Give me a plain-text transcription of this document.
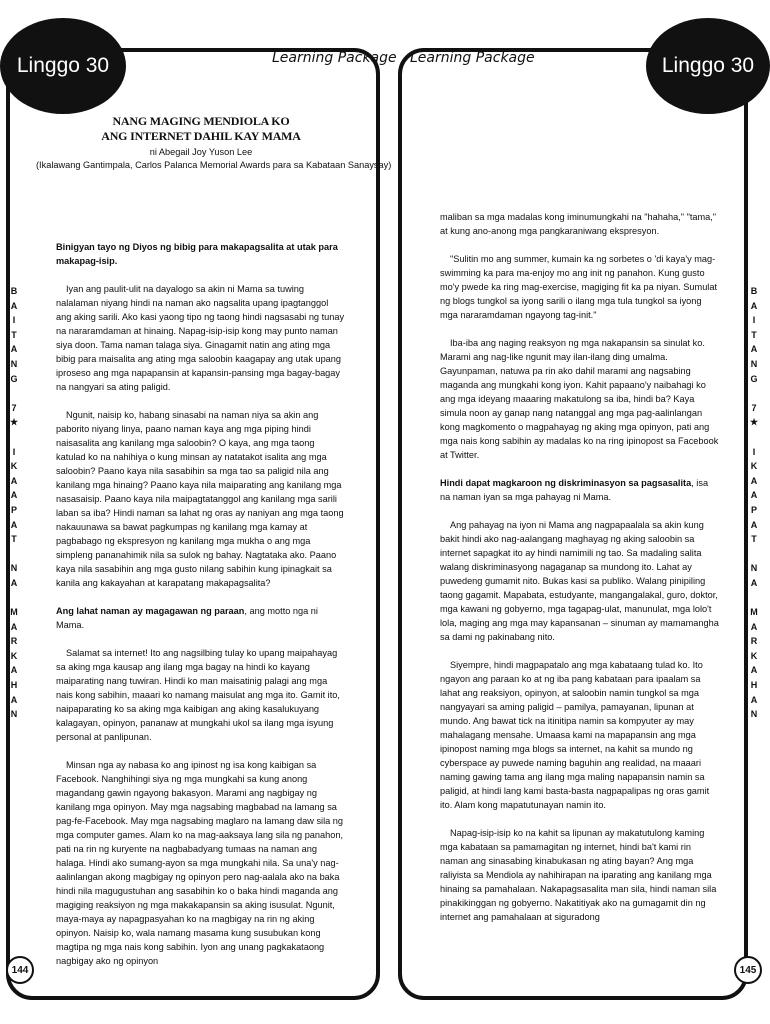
Linggo 30	Linggo 30
Learning Package Learning Package
B
A
I
T
A
N
G
7
★
I
K
A
A
P
A
T
N
A
M
A
R
K
A
H
A
N
B
A
I
T
A
N
G
7
★
I
K
A
A
P
A
T
N
A
M
A
R
K
A
H
A
N
NANG MAGING MENDIOLA KO
ANG INTERNET DAHIL KAY MAMA
ni Abegail Joy Yuson Lee
(Ikalawang Gantimpala, Carlos Palanca Memorial Awards para sa Kabataan Sanaysay)

Binigyan tayo ng Diyos ng bibig para makapagsalita at utak para makapag-isip.

Iyan ang paulit-ulit na dayalogo sa akin ni Mama sa tuwing nalalaman niyang hindi na naman ako nagsalita upang ipagtanggol ang aking sarili. Ako kasi yaong tipo ng taong hindi nagsasabi ng tunay na nararamdaman at hinaing. Napag-isip-isip kong may punto naman siya doon. Tama naman talaga siya. Ginagamit natin ang ating mga bibig para maisalita ang ating mga saloobin kaagapay ang utak upang iproseso ang mga napapansin at kapansin-pansing mga bagay-bagay na nangyari sa ating paligid.

Ngunit, naisip ko, habang sinasabi na naman niya sa akin ang paborito niyang linya, paano naman kaya ang mga piping hindi naisasalita ang kanilang mga saloobin? O kaya, ang mga taong katulad ko na nahihiya o kung minsan ay natatakot isalita ang mga saloobin? Paano kaya nila sasabihin sa mga tao sa paligid nila ang kanilang mga hinaing? Paano kaya nila maiparating ang kanilang mga nasasaisip. Paano kaya nila maipagtatanggol ang kanilang mga sarili laban sa iba? Hindi naman sa lahat ng oras ay naniyan ang mga taong nakauunawa sa bawat pagkumpas ng kanilang mga kamay at pagbabago ng ekspresyon ng kanilang mga mukha o ang mga simpleng pananahimik nila sa sulok ng bahay. Nagtataka ako. Paano kaya nila sasabihin ang mga gusto nilang sabihin kung ipinagkait sa kanila ang kakayahan at karapatang makapagsalita?

Ang lahat naman ay magagawan ng paraan, ang motto nga ni Mama.

Salamat sa internet! Ito ang nagsilbing tulay ko upang maipahayag sa aking mga kausap ang ilang mga bagay na hindi ko kayang maiparating nang tuwiran. Hindi ko man maisatinig palagi ang mga nais kong sabihin, maaari ko namang maisulat ang mga ito. Gamit ito, naipaparating ko sa aking mga kaibigan ang aking kasalukuyang kalagayan, opinyon, pananaw at mungkahi ukol sa ilang mga isyung personal at panlipunan.

Minsan nga ay nabasa ko ang ipinost ng isa kong kaibigan sa Facebook. Nanghihingi siya ng mga mungkahi sa kung anong magandang gawin ngayong bakasyon. Marami ang nagbigay ng kanilang mga opinyon. May mga nagsabing magbabad na lamang sa pag-fe-Facebook. May mga nagsabing maglaro na lamang daw sila ng mga computer games. Alam ko na mag-aaksaya lang sila ng panahon, pati na rin ng kuryente na nagbabadyang tumaas na naman ang halaga. Hindi ako sumang-ayon sa mga mungkahi nila. Sa una'y nag-aalinlangan akong magbigay ng opinyon pero nag-aalala ako na baka hindi nila magugustuhan ang sasabihin ko o baka hindi maganda ang magiging reaksiyon ng mga makakapansin sa aking isusulat. Ngunit, maya-maya ay napagpasyahan ko na magbigay na rin ng aking opinyon. Naisip ko, wala namang masama kung susubukan kong magtipa ng mga nais kong sabihin. Iyon ang unang pagkakataong nagbigay ako ng opinyon

maliban sa mga madalas kong iminumungkahi na "hahaha," "tama," at kung ano-anong mga pangkaraniwang ekspresyon.

"Sulitin mo ang summer, kumain ka ng sorbetes o 'di kaya'y mag-swimming ka para ma-enjoy mo ang init ng panahon. Kung gusto mo'y pwede ka ring mag-exercise, magiging fit ka pa niyan. Sumulat ng blogs tungkol sa iyong sarili o ilang mga tula tungkol sa iyong mga nararamdaman ngayong tag-init."

Iba-iba ang naging reaksyon ng mga nakapansin sa sinulat ko. Marami ang nag-like ngunit may ilan-ilang ding umalma. Gayunpaman, natuwa pa rin ako dahil marami ang nagsabing maganda ang mungkahi kong iyon. Kahit papaano'y naibahagi ko ang mga ideyang maaaring makatulong sa iba, hindi ba? Kaya simula noon ay ganap nang natanggal ang mga pag-aalinlangan kong magkomento o magpahayag ng aking mga opinyon, pati ang mga nais kong sabihin ay madalas ko na ring ipinopost sa Facebook at Twitter.

Hindi dapat magkaroon ng diskriminasyon sa pagsasalita, isa na naman iyan sa mga pahayag ni Mama.

Ang pahayag na iyon ni Mama ang nagpapaalala sa akin kung bakit hindi ako nag-aalangang maghayag ng aking saloobin sa internet sapagkat ito ay hindi namimili ng tao. Sa madaling salita walang diskriminasyong nagaganap sa mundong ito. Lahat ay puwedeng gumamit nito. Bukas kasi sa publiko. Walang pinipiling taong gagamit. Mapabata, estudyante, mangangalakal, guro, doktor, mga kawani ng gobyerno, mga tagapag-ulat, manunulat, mga lolo't lola, maging ang mga may kapansanan – sinuman ay mamamangha sa dami ng pakinabang nito.

Siyempre, hindi magpapatalo ang mga kabataang tulad ko. Ito ngayon ang paraan ko at ng iba pang kabataan para ipaalam sa lahat ang reaksiyon, opinyon, at saloobin namin tungkol sa mga nangyayari sa aming paligid – pamilya, pamayanan, lipunan at mundo. Ang bawat tick na itinitipa namin sa kompyuter ay may mahalagang mensahe. Umaasa kami na mapapansin ang mga ipinopost naming mga blogs sa internet, na kahit sa mundo ng cyberspace ay puwede naming baguhin ang realidad, na maaari naming gawing tama ang ilang mga maling napapansin namin sa paligid, at hindi lang kami basta-basta nagpapalipas ng oras gamit ito. Alam kong mapatutunayan namin ito.

Napag-isip-isip ko na kahit sa lipunan ay makatutulong kaming mga kabataan sa pamamagitan ng internet, hindi ba't kami rin naman ang sinasabing kinabukasan ng ating bayan? Ang mga raliyista sa Mendiola ay nahihirapan na iparating ang kanilang mga hinaing sa pamahalaan. Nakapagsasalita man sila, hindi naman sila pinakikinggan ng gobyerno. Nakatitiyak ako na gumagamit din ng internet ang pamahalaan at siguradong

144	145
